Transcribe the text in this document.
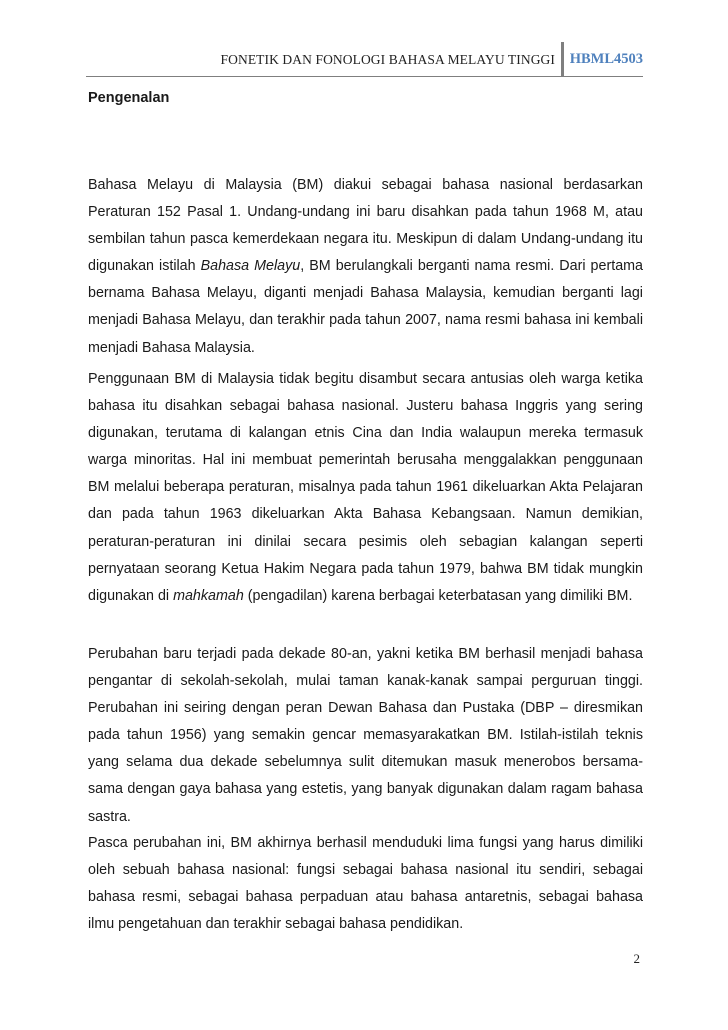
FONETIK DAN FONOLOGI BAHASA MELAYU TINGGI HBML4503
Pengenalan
Bahasa Melayu di Malaysia (BM) diakui sebagai bahasa nasional berdasarkan Peraturan 152 Pasal 1. Undang-undang ini baru disahkan pada tahun 1968 M, atau sembilan tahun pasca kemerdekaan negara itu. Meskipun di dalam Undang-undang itu digunakan istilah Bahasa Melayu, BM berulangkali berganti nama resmi. Dari pertama bernama Bahasa Melayu, diganti menjadi Bahasa Malaysia, kemudian berganti lagi menjadi Bahasa Melayu, dan terakhir pada tahun 2007, nama resmi bahasa ini kembali menjadi Bahasa Malaysia.
Penggunaan BM di Malaysia tidak begitu disambut secara antusias oleh warga ketika bahasa itu disahkan sebagai bahasa nasional. Justeru bahasa Inggris yang sering digunakan, terutama di kalangan etnis Cina dan India walaupun mereka termasuk warga minoritas. Hal ini membuat pemerintah berusaha menggalakkan penggunaan BM melalui beberapa peraturan, misalnya pada tahun 1961 dikeluarkan Akta Pelajaran dan pada tahun 1963 dikeluarkan Akta Bahasa Kebangsaan. Namun demikian, peraturan-peraturan ini dinilai secara pesimis oleh sebagian kalangan seperti pernyataan seorang Ketua Hakim Negara pada tahun 1979, bahwa BM tidak mungkin digunakan di mahkamah (pengadilan) karena berbagai keterbatasan yang dimiliki BM.
Perubahan baru terjadi pada dekade 80-an, yakni ketika BM berhasil menjadi bahasa pengantar di sekolah-sekolah, mulai taman kanak-kanak sampai perguruan tinggi. Perubahan ini seiring dengan peran Dewan Bahasa dan Pustaka (DBP – diresmikan pada tahun 1956) yang semakin gencar memasyarakatkan BM. Istilah-istilah teknis yang selama dua dekade sebelumnya sulit ditemukan masuk menerobos bersama-sama dengan gaya bahasa yang estetis, yang banyak digunakan dalam ragam bahasa sastra.
Pasca perubahan ini, BM akhirnya berhasil menduduki lima fungsi yang harus dimiliki oleh sebuah bahasa nasional: fungsi sebagai bahasa nasional itu sendiri, sebagai bahasa resmi, sebagai bahasa perpaduan atau bahasa antaretnis, sebagai bahasa ilmu pengetahuan dan terakhir sebagai bahasa pendidikan.
2
